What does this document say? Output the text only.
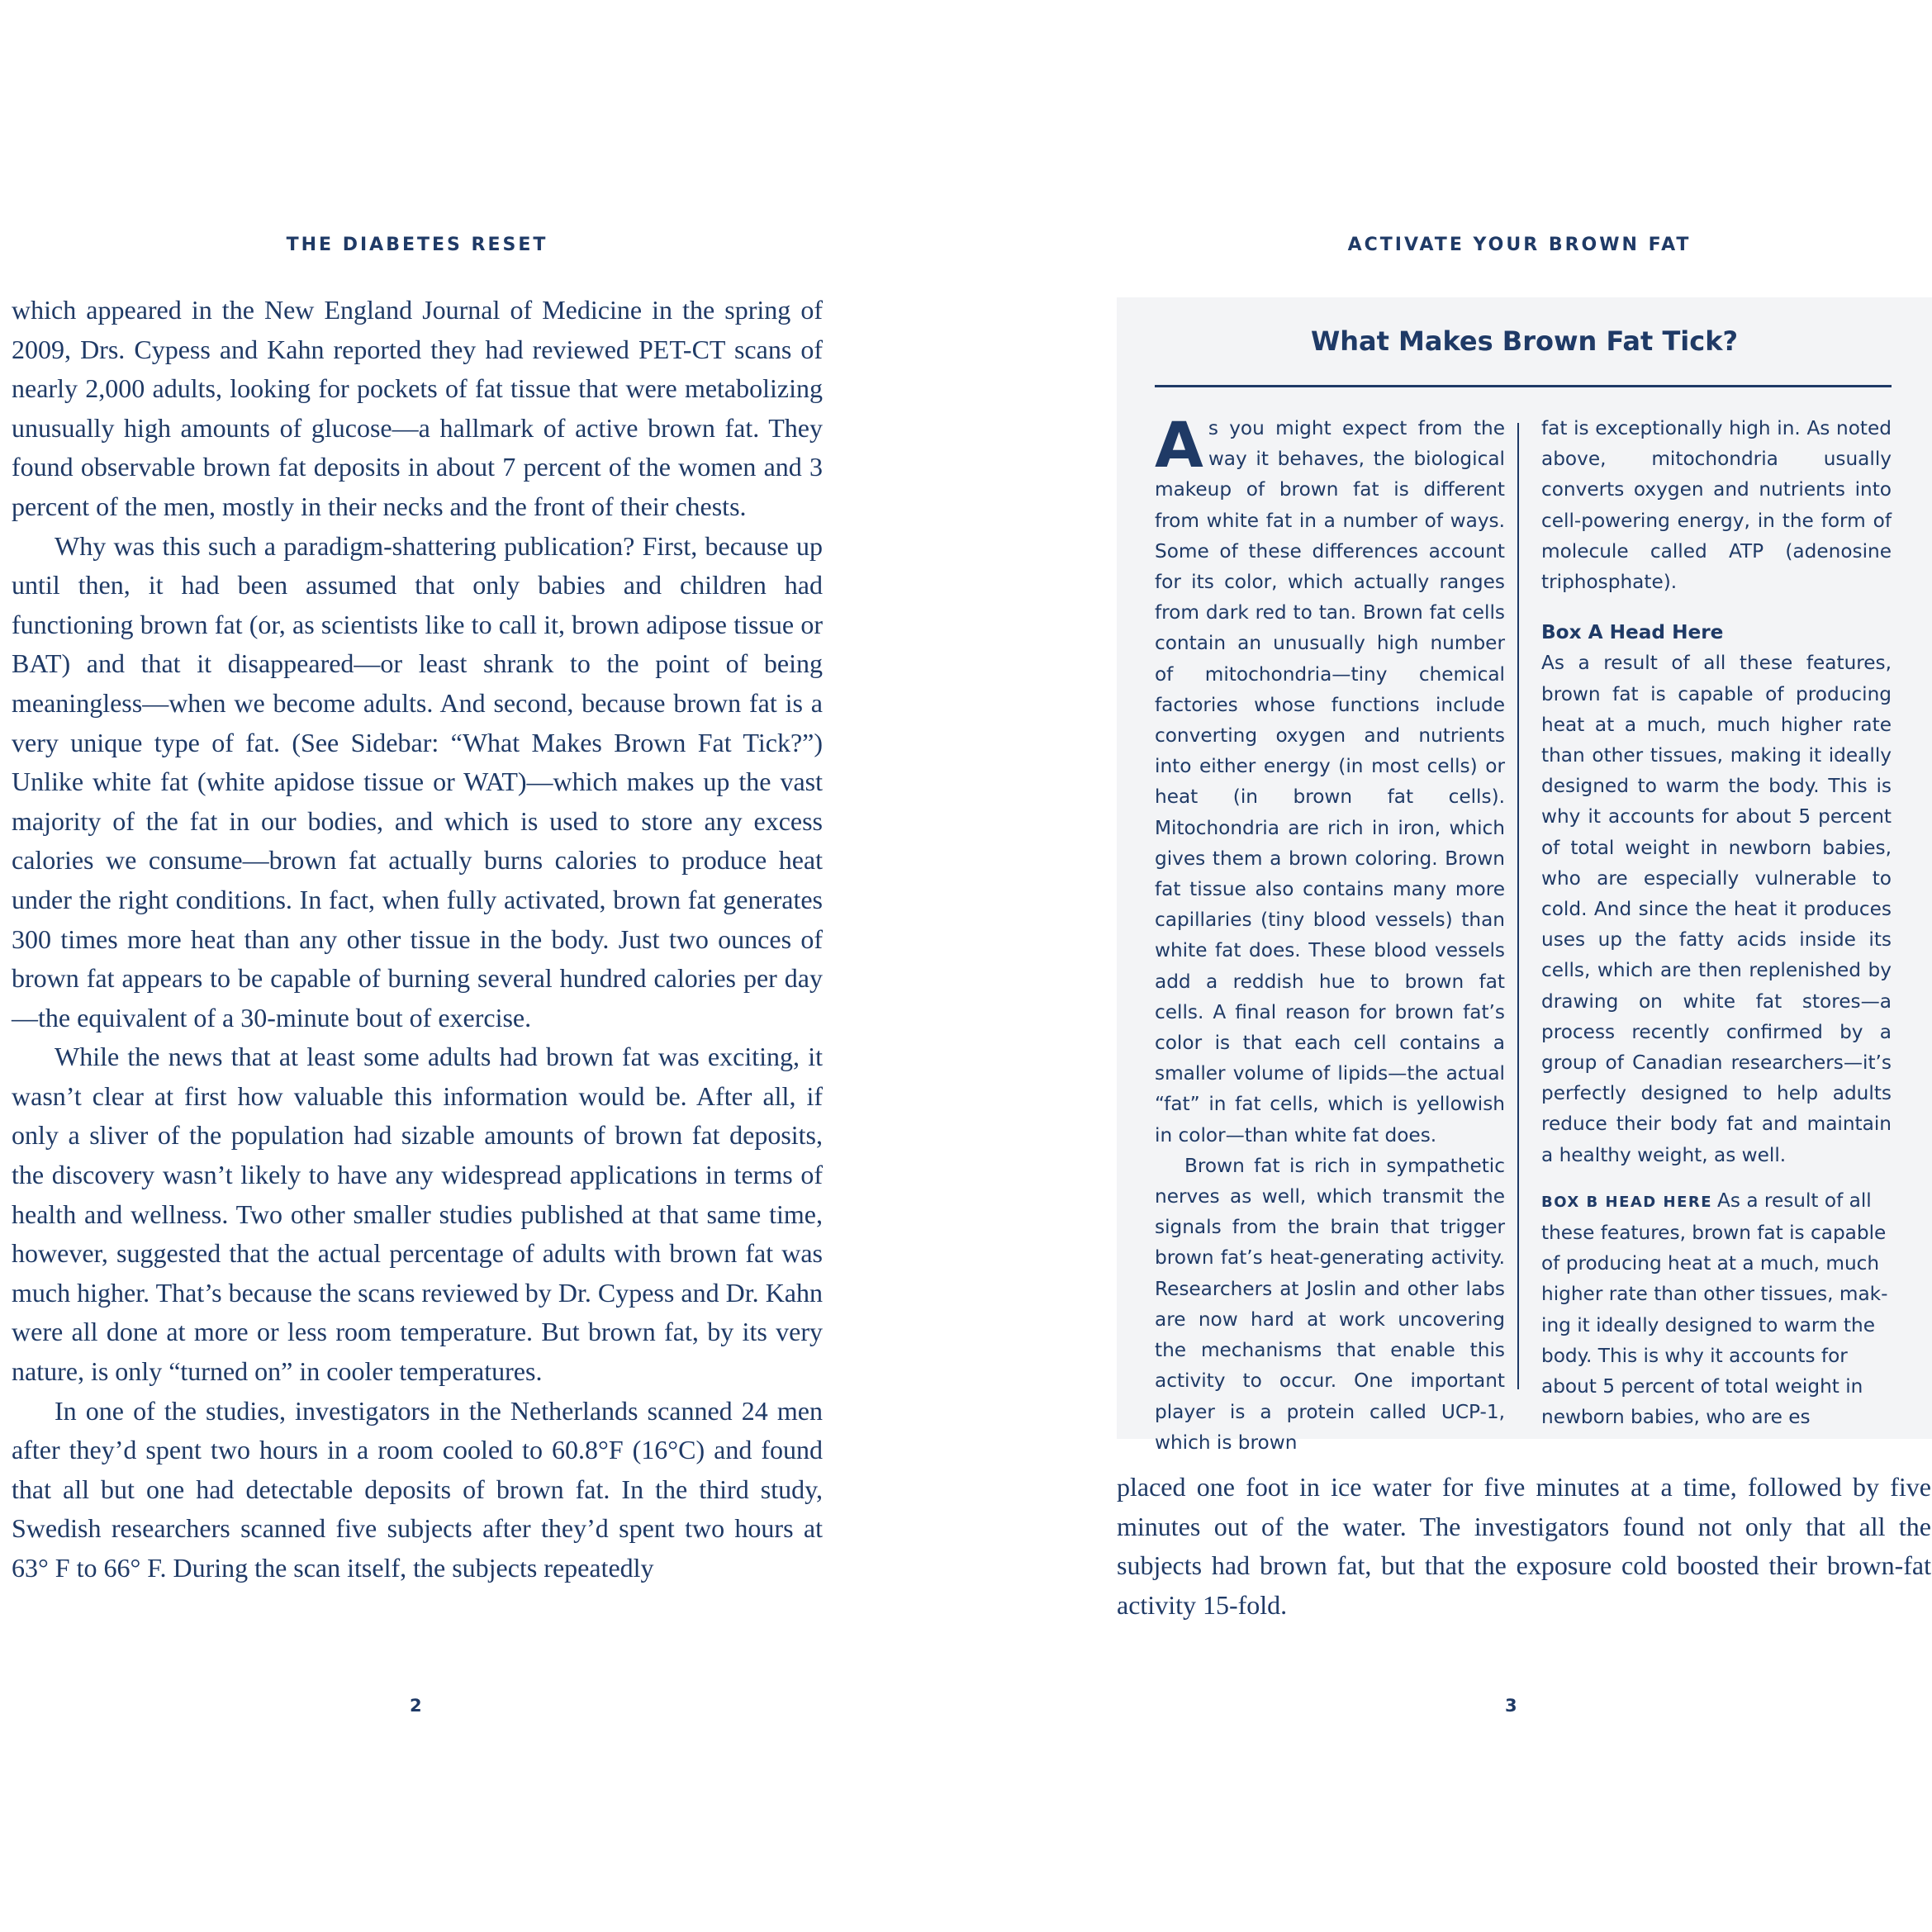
THE DIABETES RESET

which appeared in the New England Journal of Medicine in the spring of 2009, Drs. Cypess and Kahn reported they had reviewed PET-CT scans of nearly 2,000 adults, looking for pockets of fat tissue that were metabolizing unusually high amounts of glucose—a hallmark of active brown fat. They found observable brown fat deposits in about 7 percent of the women and 3 percent of the men, mostly in their necks and the front of their chests.

Why was this such a paradigm-shattering publication? First, because up until then, it had been assumed that only babies and children had functioning brown fat (or, as scientists like to call it, brown adipose tissue or BAT) and that it disappeared—or least shrank to the point of being meaningless—when we become adults. And second, because brown fat is a very unique type of fat. (See Sidebar: “What Makes Brown Fat Tick?”) Unlike white fat (white apidose tissue or WAT)—which makes up the vast majority of the fat in our bodies, and which is used to store any excess calories we consume—brown fat actually burns calories to produce heat under the right conditions. In fact, when fully activated, brown fat generates 300 times more heat than any other tissue in the body. Just two ounces of brown fat appears to be capable of burning several hundred calories per day—the equivalent of a 30-minute bout of exercise.

While the news that at least some adults had brown fat was exciting, it wasn’t clear at first how valuable this information would be. After all, if only a sliver of the population had sizable amounts of brown fat deposits, the discovery wasn’t likely to have any widespread applications in terms of health and wellness. Two other smaller studies published at that same time, however, suggested that the actual percentage of adults with brown fat was much higher. That’s because the scans reviewed by Dr. Cypess and Dr. Kahn were all done at more or less room temperature. But brown fat, by its very nature, is only “turned on” in cooler temperatures.

In one of the studies, investigators in the Netherlands scanned 24 men after they’d spent two hours in a room cooled to 60.8°F (16°C) and found that all but one had detectable deposits of brown fat. In the third study, Swedish researchers scanned five subjects after they’d spent two hours at 63° F to 66° F. During the scan itself, the subjects repeatedly

2
ACTIVATE YOUR BROWN FAT
What Makes Brown Fat Tick?

As you might expect from the way it behaves, the biological makeup of brown fat is different from white fat in a number of ways. Some of these differences account for its color, which actually ranges from dark red to tan. Brown fat cells contain an unusually high number of mitochondria—tiny chemical factories whose functions include converting oxygen and nutrients into either energy (in most cells) or heat (in brown fat cells). Mitochondria are rich in iron, which gives them a brown coloring. Brown fat tissue also contains many more capillaries (tiny blood vessels) than white fat does. These blood vessels add a reddish hue to brown fat cells. A final reason for brown fat’s color is that each cell contains a smaller volume of lipids—the actual “fat” in fat cells, which is yellowish in color—than white fat does.

Brown fat is rich in sympathetic nerves as well, which transmit the signals from the brain that trigger brown fat’s heat-generating activity. Researchers at Joslin and other labs are now hard at work uncovering the mechanisms that enable this activity to occur. One important player is a protein called UCP-1, which is brown

fat is exceptionally high in. As noted above, mitochondria usually converts oxygen and nutrients into cell-powering energy, in the form of molecule called ATP (adenosine triphosphate).

Box A Head Here

As a result of all these features, brown fat is capable of producing heat at a much, much higher rate than other tissues, making it ideally designed to warm the body. This is why it accounts for about 5 percent of total weight in newborn babies, who are especially vulnerable to cold. And since the heat it produces uses up the fatty acids inside its cells, which are then replenished by drawing on white fat stores—a process recently confirmed by a group of Canadian researchers—it’s perfectly designed to help adults reduce their body fat and maintain a healthy weight, as well.

BOX B HEAD HERE As a result of all these features, brown fat is capable of producing heat at a much, much higher rate than other tissues, making it ideally designed to warm the body. This is why it accounts for about 5 percent of total weight in newborn babies, who are es

placed one foot in ice water for five minutes at a time, followed by five minutes out of the water. The investigators found not only that all the subjects had brown fat, but that the exposure cold boosted their brown-fat activity 15-fold.

3
